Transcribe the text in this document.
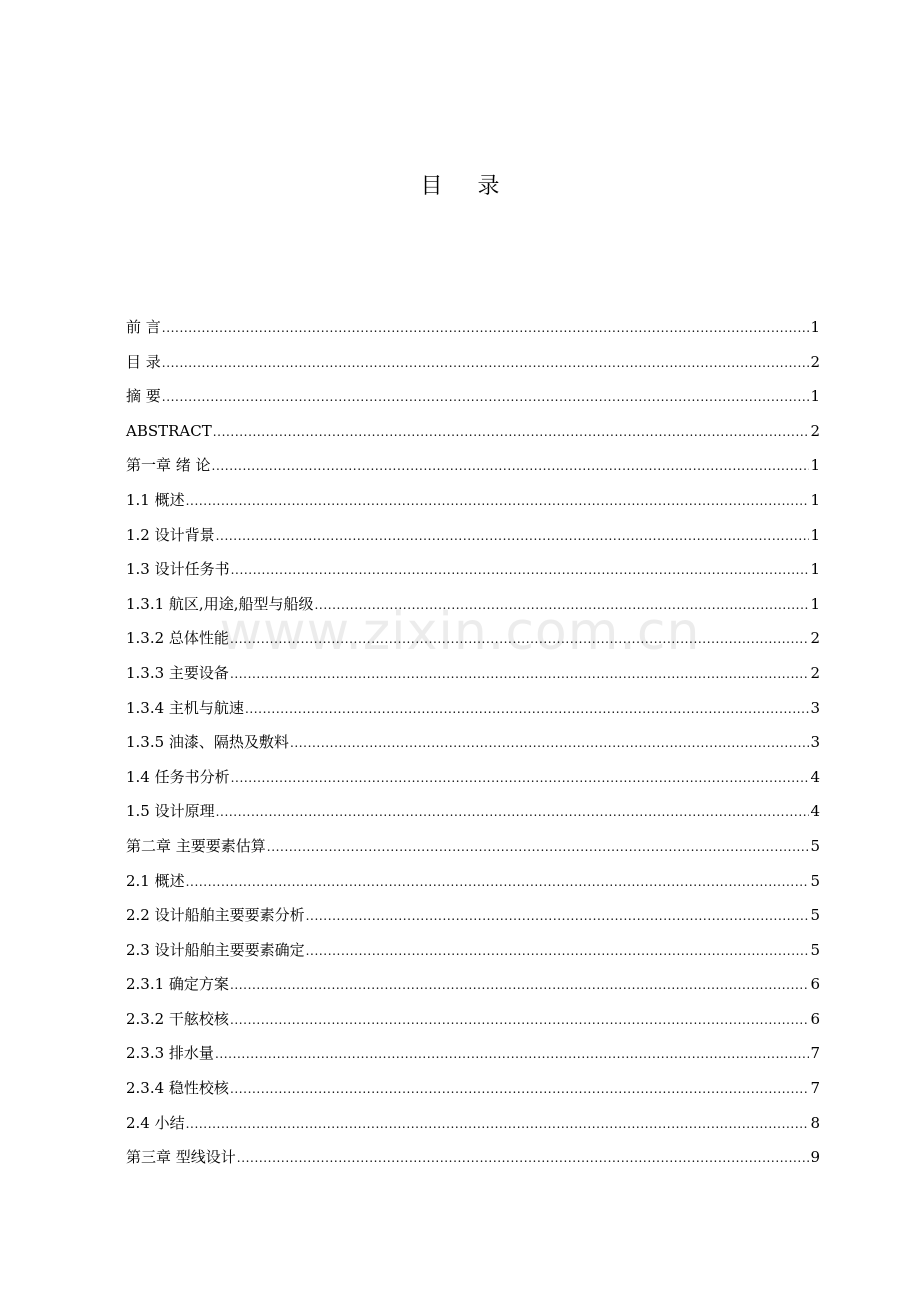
目 录
www.zixin.com.cn
前 言 .....	1
目 录 .....	2
摘 要 .....	1
ABSTRACT .....	2
第一章 绪 论 .....	1
1.1 概述 .....	1
1.2 设计背景 .....	1
1.3 设计任务书 .....	1
1.3.1 航区,用途,船型与船级 .....	1
1.3.2 总体性能 .....	2
1.3.3 主要设备 .....	2
1.3.4 主机与航速 .....	3
1.3.5 油漆、隔热及敷料 .....	3
1.4 任务书分析 .....	4
1.5 设计原理 .....	4
第二章 主要要素估算 .....	5
2.1 概述 .....	5
2.2 设计船舶主要要素分析 .....	5
2.3 设计船舶主要要素确定 .....	5
2.3.1 确定方案 .....	6
2.3.2 干舷校核 .....	6
2.3.3 排水量 .....	7
2.3.4 稳性校核 .....	7
2.4 小结 .....	8
第三章 型线设计 .....	9
